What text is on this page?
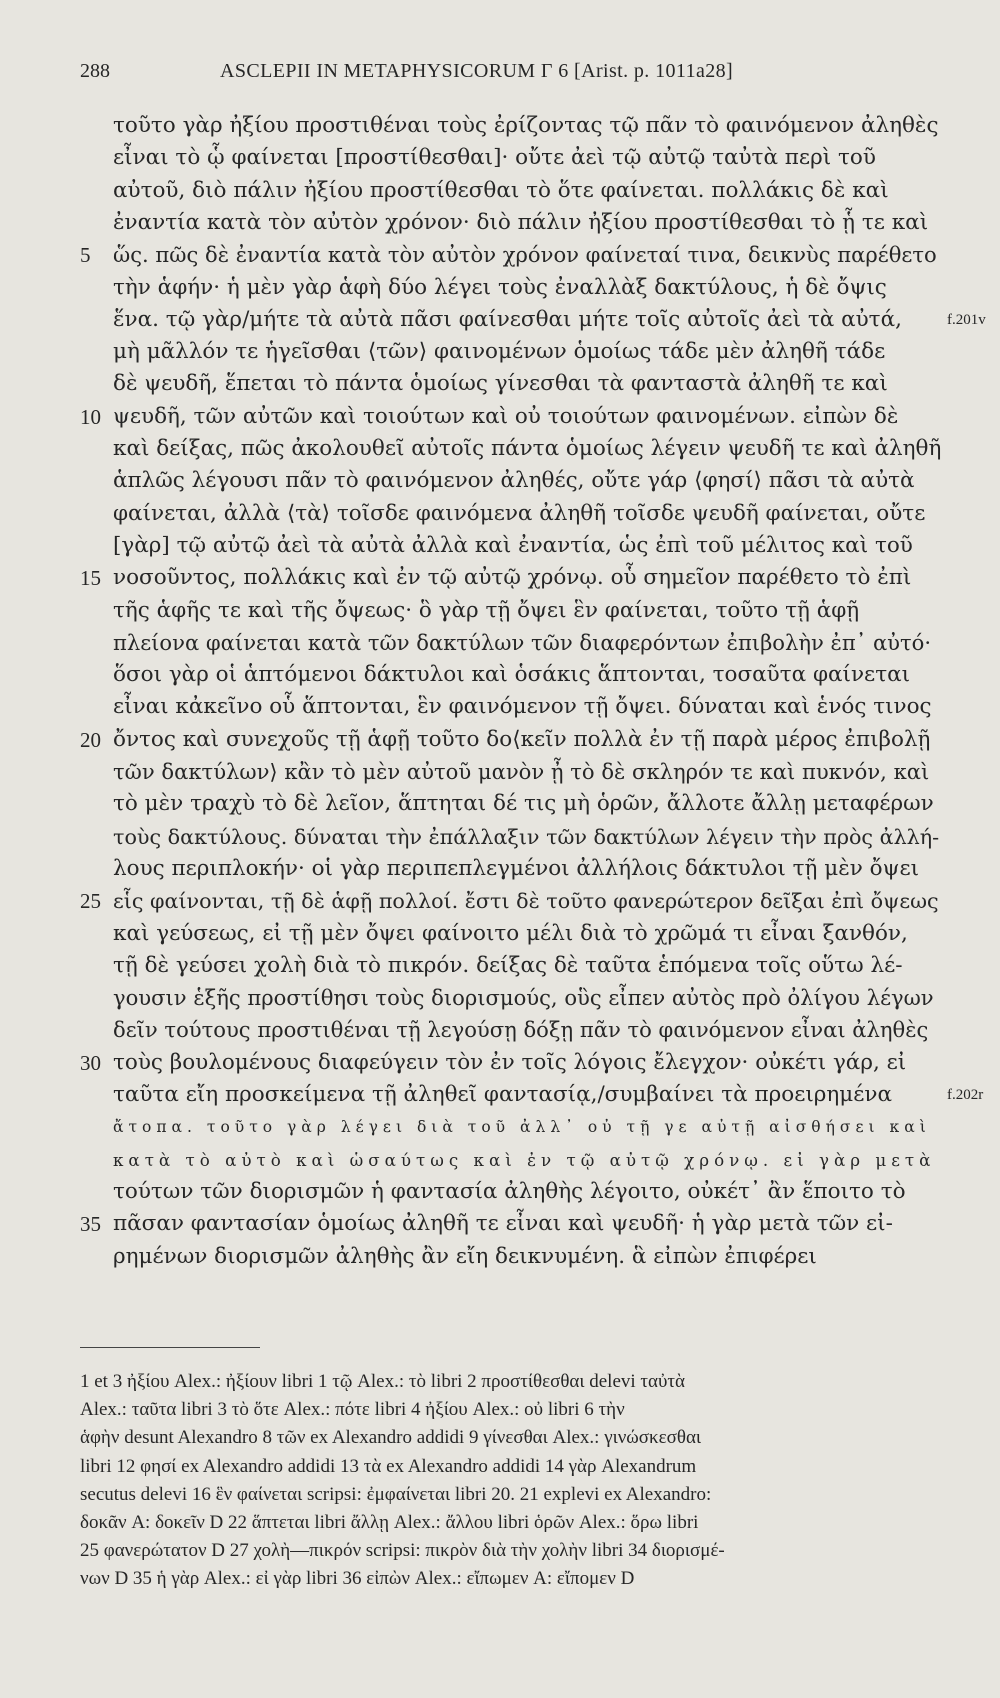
288	ASCLEPII IN METAPHYSICORUM Γ 6 [Arist. p. 1011a28]
τοῦτο γὰρ ἠξίου προστιθέναι τοὺς ἐρίζοντας τῷ πᾶν τὸ φαινόμενον ἀληθὲς
εἶναι τὸ ᾧ φαίνεται [προστίθεσθαι]· οὔτε ἀεὶ τῷ αὐτῷ ταὐτὰ περὶ τοῦ
αὐτοῦ, διὸ πάλιν ἠξίου προστίθεσθαι τὸ ὅτε φαίνεται. πολλάκις δὲ καὶ
ἐναντία κατὰ τὸν αὐτὸν χρόνον· διὸ πάλιν ἠξίου προστίθεσθαι τὸ ᾗ τε καὶ
5	ὥς. πῶς δὲ ἐναντία κατὰ τὸν αὐτὸν χρόνον φαίνεταί τινα, δεικνὺς παρέθετο
τὴν ἁφήν· ἡ μὲν γὰρ ἁφὴ δύο λέγει τοὺς ἐναλλὰξ δακτύλους, ἡ δὲ ὄψις
ἕνα. τῷ γὰρ/μήτε τὰ αὐτὰ πᾶσι φαίνεσθαι μήτε τοῖς αὐτοῖς ἀεὶ τὰ αὐτά,	f.201v
μὴ μᾶλλόν τε ἡγεῖσθαι ⟨τῶν⟩ φαινομένων ὁμοίως τάδε μὲν ἀληθῆ τάδε
δὲ ψευδῆ, ἕπεται τὸ πάντα ὁμοίως γίνεσθαι τὰ φανταστὰ ἀληθῆ τε καὶ
10 ψευδῆ, τῶν αὐτῶν καὶ τοιούτων καὶ οὐ τοιούτων φαινομένων. εἰπὼν δὲ
καὶ δείξας, πῶς ἀκολουθεῖ αὐτοῖς πάντα ὁμοίως λέγειν ψευδῆ τε καὶ ἀληθῆ
ἁπλῶς λέγουσι πᾶν τὸ φαινόμενον ἀληθές, οὔτε γάρ ⟨φησί⟩ πᾶσι τὰ αὐτὰ
φαίνεται, ἀλλὰ ⟨τὰ⟩ τοῖσδε φαινόμενα ἀληθῆ τοῖσδε ψευδῆ φαίνεται, οὔτε
[γὰρ] τῷ αὐτῷ ἀεὶ τὰ αὐτὰ ἀλλὰ καὶ ἐναντία, ὡς ἐπὶ τοῦ μέλιτος καὶ τοῦ
15 νοσοῦντος, πολλάκις καὶ ἐν τῷ αὐτῷ χρόνῳ. οὗ σημεῖον παρέθετο τὸ ἐπὶ
τῆς ἁφῆς τε καὶ τῆς ὄψεως· ὃ γὰρ τῇ ὄψει ἓν φαίνεται, τοῦτο τῇ ἁφῇ
πλείονα φαίνεται κατὰ τῶν δακτύλων τῶν διαφερόντων ἐπιβολὴν ἐπ᾽ αὐτό·
ὅσοι γὰρ οἱ ἁπτόμενοι δάκτυλοι καὶ ὁσάκις ἅπτονται, τοσαῦτα φαίνεται
εἶναι κἀκεῖνο οὗ ἅπτονται, ἓν φαινόμενον τῇ ὄψει. δύναται καὶ ἑνός τινος
20 ὄντος καὶ συνεχοῦς τῇ ἁφῇ τοῦτο δο⟨κεῖν πολλὰ ἐν τῇ παρὰ μέρος ἐπιβολῇ
τῶν δακτύλων⟩ κἂν τὸ μὲν αὐτοῦ μανὸν ᾖ τὸ δὲ σκληρόν τε καὶ πυκνόν, καὶ
τὸ μὲν τραχὺ τὸ δὲ λεῖον, ἅπτηται δέ τις μὴ ὁρῶν, ἄλλοτε ἄλλῃ μεταφέρων
τοὺς δακτύλους. δύναται τὴν ἐπάλλαξιν τῶν δακτύλων λέγειν τὴν πρὸς ἀλλή-
λους περιπλοκήν· οἱ γὰρ περιπεπλεγμένοι ἀλλήλοις δάκτυλοι τῇ μὲν ὄψει
25 εἷς φαίνονται, τῇ δὲ ἁφῇ πολλοί. ἔστι δὲ τοῦτο φανερώτερον δεῖξαι ἐπὶ ὄψεως
καὶ γεύσεως, εἰ τῇ μὲν ὄψει φαίνοιτο μέλι διὰ τὸ χρῶμά τι εἶναι ξανθόν,
τῇ δὲ γεύσει χολὴ διὰ τὸ πικρόν. δείξας δὲ ταῦτα ἑπόμενα τοῖς οὕτω λέ-
γουσιν ἑξῆς προστίθησι τοὺς διορισμούς, οὓς εἶπεν αὐτὸς πρὸ ὀλίγου λέγων
δεῖν τούτους προστιθέναι τῇ λεγούσῃ δόξῃ πᾶν τὸ φαινόμενον εἶναι ἀληθὲς
30 τοὺς βουλομένους διαφεύγειν τὸν ἐν τοῖς λόγοις ἔλεγχον· οὐκέτι γάρ, εἰ
ταῦτα εἴη προσκείμενα τῇ ἀληθεῖ φαντασίᾳ,/συμβαίνει τὰ προειρημένα	f.202r
ἄτοπα. τοῦτο γὰρ λέγει διὰ τοῦ ἀλλ᾽ οὐ τῇ γε αὐτῇ αἰσθήσει καὶ
κατὰ τὸ αὐτὸ καὶ ὡσαύτως καὶ ἐν τῷ αὐτῷ χρόνῳ. εἰ γὰρ μετὰ
τούτων τῶν διορισμῶν ἡ φαντασία ἀληθὴς λέγοιτο, οὐκέτ᾽ ἂν ἕποιτο τὸ
35 πᾶσαν φαντασίαν ὁμοίως ἀληθῆ τε εἶναι καὶ ψευδῆ· ἡ γὰρ μετὰ τῶν εἰ-
ρημένων διορισμῶν ἀληθὴς ἂν εἴη δεικνυμένη. ἃ εἰπὼν ἐπιφέρει
1 et 3 ἠξίου Alex.: ἠξίουν libri 1 τῷ Alex.: τὸ libri 2 προστίθεσθαι delevi ταὐτὰ
Alex.: ταῦτα libri 3 τὸ ὅτε Alex.: πότε libri 4 ἠξίου Alex.: οὐ libri 6 τὴν
ἁφὴν desunt Alexandro 8 τῶν ex Alexandro addidi 9 γίνεσθαι Alex.: γινώσκεσθαι
libri 12 φησί ex Alexandro addidi 13 τὰ ex Alexandro addidi 14 γὰρ Alexandrum
secutus delevi 16 ἓν φαίνεται scripsi: ἐμφαίνεται libri 20. 21 explevi ex Alexandro:
δοκᾶν A: δοκεῖν D 22 ἅπτεται libri ἄλλῃ Alex.: ἄλλου libri ὁρῶν Alex.: ὅρω libri
25 φανερώτατον D 27 χολὴ—πικρόν scripsi: πικρὸν διὰ τὴν χολὴν libri 34 διορισμέ-
νων D 35 ἡ γὰρ Alex.: εἰ γὰρ libri 36 εἰπὼν Alex.: εἴπωμεν A: εἴπομεν D
